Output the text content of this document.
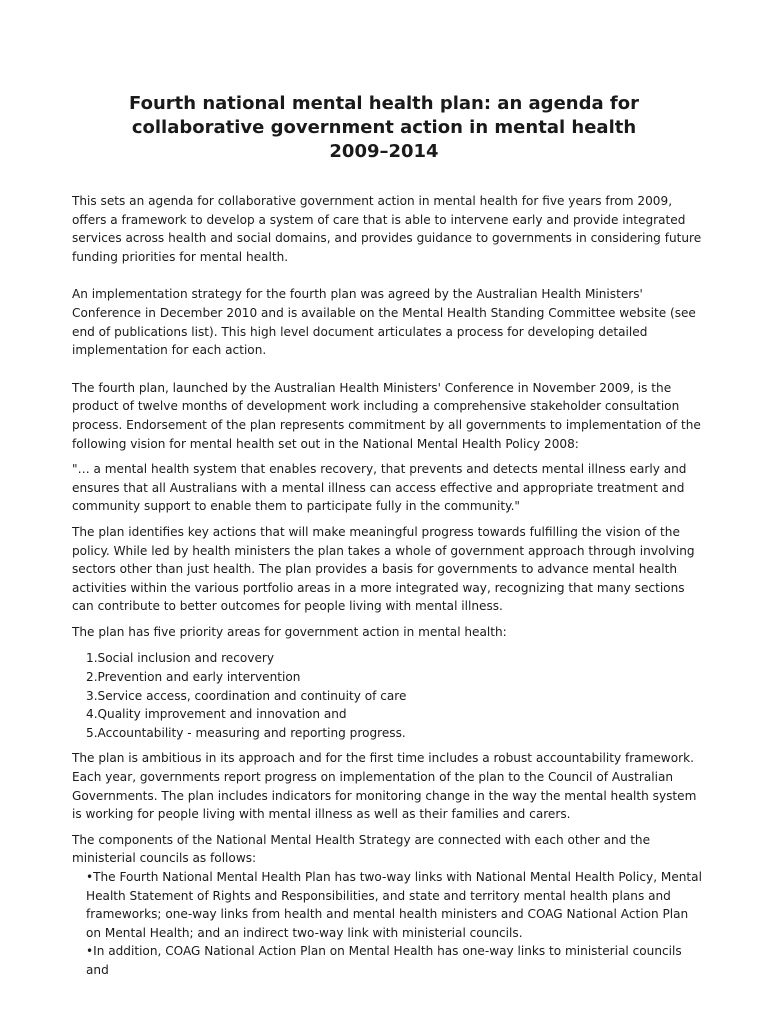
Fourth national mental health plan: an agenda for collaborative government action in mental health 2009–2014

This sets an agenda for collaborative government action in mental health for five years from 2009, offers a framework to develop a system of care that is able to intervene early and provide integrated services across health and social domains, and provides guidance to governments in considering future funding priorities for mental health.

An implementation strategy for the fourth plan was agreed by the Australian Health Ministers' Conference in December 2010 and is available on the Mental Health Standing Committee website (see end of publications list). This high level document articulates a process for developing detailed implementation for each action.

The fourth plan, launched by the Australian Health Ministers' Conference in November 2009, is the product of twelve months of development work including a comprehensive stakeholder consultation process. Endorsement of the plan represents commitment by all governments to implementation of the following vision for mental health set out in the National Mental Health Policy 2008:

"… a mental health system that enables recovery, that prevents and detects mental illness early and ensures that all Australians with a mental illness can access effective and appropriate treatment and community support to enable them to participate fully in the community."

The plan identifies key actions that will make meaningful progress towards fulfilling the vision of the policy. While led by health ministers the plan takes a whole of government approach through involving sectors other than just health. The plan provides a basis for governments to advance mental health activities within the various portfolio areas in a more integrated way, recognizing that many sections can contribute to better outcomes for people living with mental illness.

The plan has five priority areas for government action in mental health:

1.Social inclusion and recovery
2.Prevention and early intervention
3.Service access, coordination and continuity of care
4.Quality improvement and innovation and
5.Accountability - measuring and reporting progress.

The plan is ambitious in its approach and for the first time includes a robust accountability framework. Each year, governments report progress on implementation of the plan to the Council of Australian Governments. The plan includes indicators for monitoring change in the way the mental health system is working for people living with mental illness as well as their families and carers.

The components of the National Mental Health Strategy are connected with each other and the ministerial councils as follows:

•The Fourth National Mental Health Plan has two-way links with National Mental Health Policy, Mental Health Statement of Rights and Responsibilities, and state and territory mental health plans and frameworks; one-way links from health and mental health ministers and COAG National Action Plan on Mental Health; and an indirect two-way link with ministerial councils.
•In addition, COAG National Action Plan on Mental Health has one-way links to ministerial councils and
